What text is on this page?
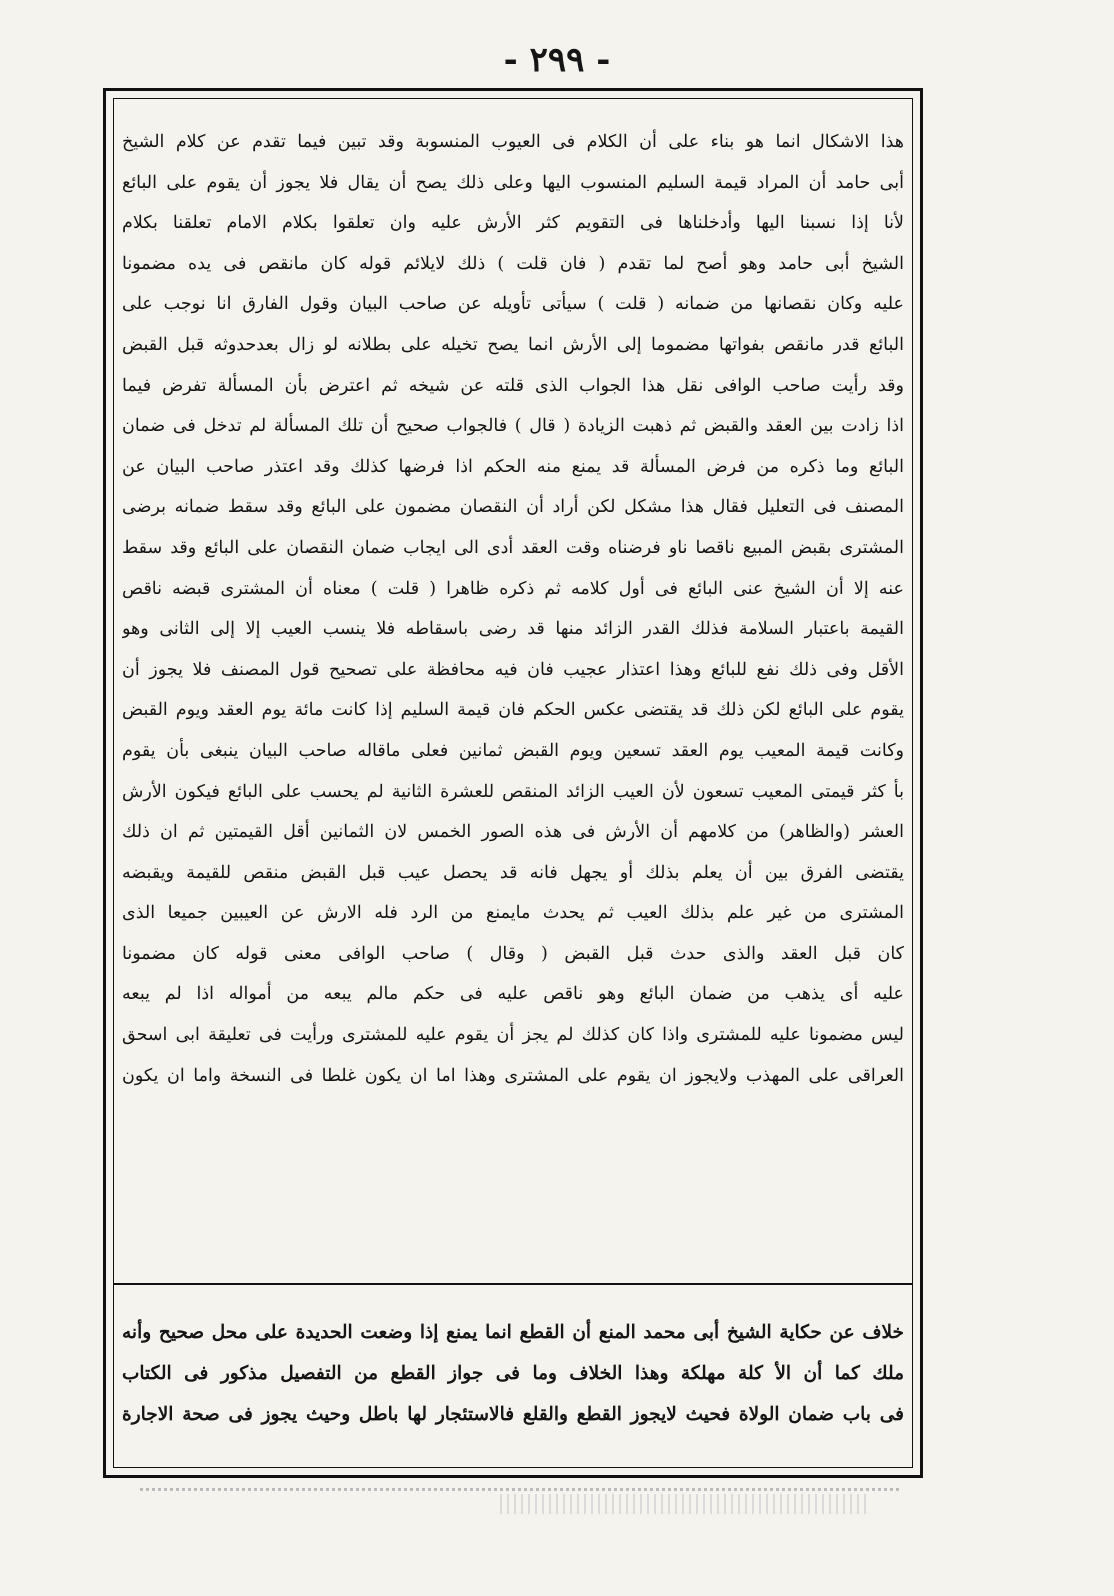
- ٢٩٩ -
هذا الاشكال انما هو بناء على أن الكلام فى العيوب المنسوبة وقد تبين فيما تقدم عن كلام الشيخ
أبى حامد أن المراد قيمة السليم المنسوب اليها وعلى ذلك يصح أن يقال فلا يجوز أن يقوم على البائع
لأنا إذا نسبنا اليها وأدخلناها فى التقويم كثر الأرش عليه وان تعلقوا بكلام الامام تعلقنا بكلام
الشيخ أبى حامد وهو أصح لما تقدم ( فان قلت ) ذلك لايلائم قوله كان مانقص فى يده مضمونا
عليه وكان نقصانها من ضمانه ( قلت ) سيأتى تأويله عن صاحب البيان وقول الفارق انا نوجب على
البائع قدر مانقص بفواتها مضموما إلى الأرش انما يصح تخيله على بطلانه لو زال بعدحدوثه قبل القبض
وقد رأيت صاحب الوافى نقل هذا الجواب الذى قلته عن شيخه ثم اعترض بأن المسألة تفرض فيما
اذا زادت بين العقد والقبض ثم ذهبت الزيادة ( قال ) فالجواب صحيح أن تلك المسألة لم تدخل فى ضمان
البائع وما ذكره من فرض المسألة قد يمنع منه الحكم اذا فرضها كذلك وقد اعتذر صاحب البيان عن
المصنف فى التعليل فقال هذا مشكل لكن أراد أن النقصان مضمون على البائع وقد سقط ضمانه برضى
المشترى بقبض المبيع ناقصا ناو فرضناه وقت العقد أدى الى ايجاب ضمان النقصان على البائع وقد سقط
عنه إلا أن الشيخ عنى البائع فى أول كلامه ثم ذكره ظاهرا ( قلت ) معناه أن المشترى قبضه ناقص
القيمة باعتبار السلامة فذلك القدر الزائد منها قد رضى باسقاطه فلا ينسب العيب إلا إلى الثانى وهو
الأقل وفى ذلك نفع للبائع وهذا اعتذار عجيب فان فيه محافظة على تصحيح قول المصنف فلا يجوز أن
يقوم على البائع لكن ذلك قد يقتضى عكس الحكم فان قيمة السليم إذا كانت مائة يوم العقد ويوم القبض
وكانت قيمة المعيب يوم العقد تسعين ويوم القبض ثمانين فعلى ماقاله صاحب البيان ينبغى بأن يقوم
بأ كثر قيمتى المعيب تسعون لأن العيب الزائد المنقص للعشرة الثانية لم يحسب على البائع فيكون الأرش
العشر (والظاهر) من كلامهم أن الأرش فى هذه الصور الخمس لان الثمانين أقل القيمتين ثم ان ذلك
يقتضى الفرق بين أن يعلم بذلك أو يجهل فانه قد يحصل عيب قبل القبض منقص للقيمة ويقبضه
المشترى من غير علم بذلك العيب ثم يحدث مايمنع من الرد فله الارش عن العيبين جميعا الذى
كان قبل العقد والذى حدث قبل القبض ( وقال ) صاحب الوافى معنى قوله كان مضمونا
عليه أى يذهب من ضمان البائع وهو ناقص عليه فى حكم مالم يبعه من أمواله اذا لم يبعه
ليس مضمونا عليه للمشترى واذا كان كذلك لم يجز أن يقوم عليه للمشترى ورأيت فى تعليقة ابى اسحق
العراقى على المهذب ولايجوز ان يقوم على المشترى وهذا اما ان يكون غلطا فى النسخة واما ان يكون
خلاف عن حكاية الشيخ أبى محمد المنع أن القطع انما يمنع إذا وضعت الحديدة على محل صحيح وأنه
ملك كما أن الأ كلة مهلكة وهذا الخلاف وما فى جواز القطع من التفصيل مذكور فى الكتاب
فى باب ضمان الولاة فحيث لايجوز القطع والقلع فالاستئجار لها باطل وحيث يجوز فى صحة الاجارة
